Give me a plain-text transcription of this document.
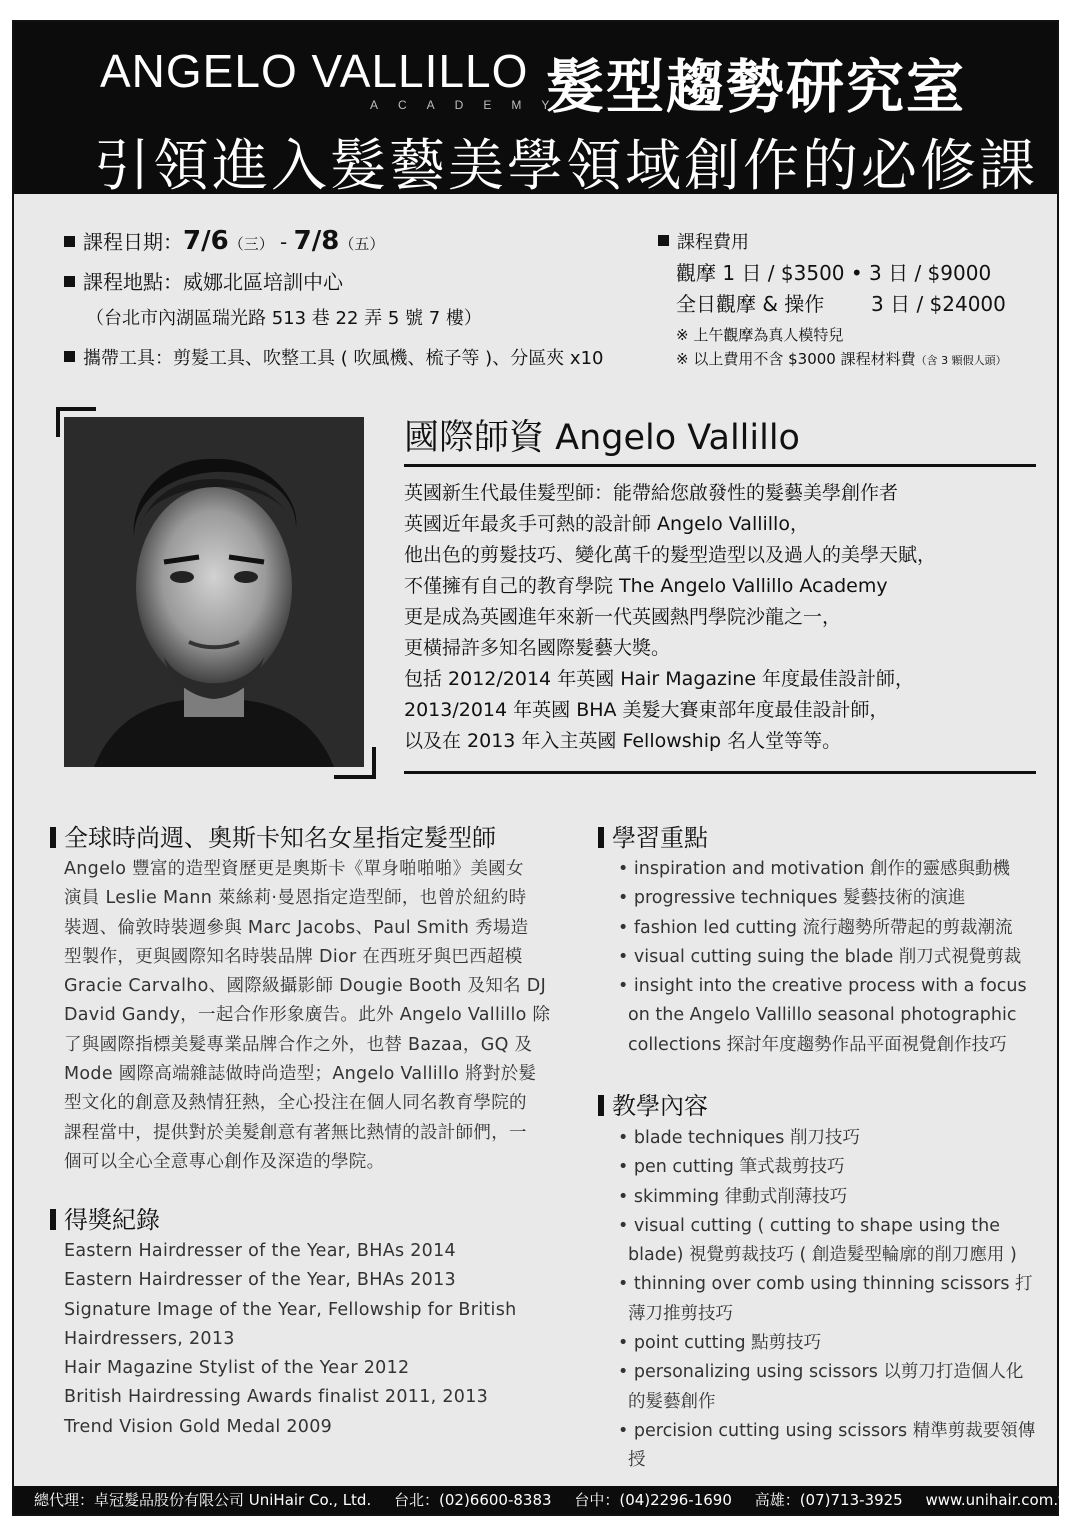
ANGELO VALLILLO
ACADEMY
髮型趨勢研究室
引領進入髮藝美學領域創作的必修課
課程日期：7/6（三） - 7/8（五）
課程地點：威娜北區培訓中心
（台北市內湖區瑞光路 513 巷 22 弄 5 號 7 樓）
攜帶工具：剪髮工具、吹整工具 ( 吹風機、梳子等 )、分區夾 x10
課程費用
觀摩 1 日 / $3500 • 3 日 / $9000
全日觀摩 & 操作 3 日 / $24000
※ 上午觀摩為真人模特兒
※ 以上費用不含 $3000 課程材料費（含 3 顆假人頭）
國際師資 Angelo Vallillo
英國新生代最佳髮型師：能帶給您啟發性的髮藝美學創作者
英國近年最炙手可熱的設計師 Angelo Vallillo，
他出色的剪髮技巧、變化萬千的髮型造型以及過人的美學天賦，
不僅擁有自己的教育學院 The Angelo Vallillo Academy
更是成為英國進年來新一代英國熱門學院沙龍之一，
更橫掃許多知名國際髮藝大獎。
包括 2012/2014 年英國 Hair Magazine 年度最佳設計師，
2013/2014 年英國 BHA 美髮大賽東部年度最佳設計師，
以及在 2013 年入主英國 Fellowship 名人堂等等。
全球時尚週、奧斯卡知名女星指定髮型師
Angelo 豐富的造型資歷更是奧斯卡《單身啪啪啪》美國女
演員 Leslie Mann 萊絲莉·曼恩指定造型師，也曾於紐約時
裝週、倫敦時裝週參與 Marc Jacobs、Paul Smith 秀場造
型製作，更與國際知名時裝品牌 Dior 在西班牙與巴西超模
Gracie Carvalho、國際級攝影師 Dougie Booth 及知名 DJ
David Gandy，一起合作形象廣告。此外 Angelo Vallillo 除
了與國際指標美髮專業品牌合作之外，也替 Bazaa，GQ 及
Mode 國際高端雜誌做時尚造型；Angelo Vallillo 將對於髮
型文化的創意及熱情狂熱，全心投注在個人同名教育學院的
課程當中，提供對於美髮創意有著無比熱情的設計師們，一
個可以全心全意專心創作及深造的學院。
得獎紀錄
Eastern Hairdresser of the Year, BHAs 2014
Eastern Hairdresser of the Year, BHAs 2013
Signature Image of the Year, Fellowship for British
Hairdressers, 2013
Hair Magazine Stylist of the Year 2012
British Hairdressing Awards finalist 2011, 2013
Trend Vision Gold Medal 2009
學習重點
• inspiration and motivation 創作的靈感與動機
• progressive techniques 髮藝技術的演進
• fashion led cutting 流行趨勢所帶起的剪裁潮流
• visual cutting suing the blade 削刀式視覺剪裁
• insight into the creative process with a focus on the Angelo Vallillo seasonal photographic collections 探討年度趨勢作品平面視覺創作技巧
教學內容
• blade techniques 削刀技巧
• pen cutting 筆式裁剪技巧
• skimming 律動式削薄技巧
• visual cutting ( cutting to shape using the blade) 視覺剪裁技巧 ( 創造髮型輪廓的削刀應用 )
• thinning over comb using thinning scissors 打薄刀推剪技巧
• point cutting 點剪技巧
• personalizing using scissors 以剪刀打造個人化的髮藝創作
• percision cutting using scissors 精準剪裁要領傳授
總代理：卓冠髮品股份有限公司 UniHair Co., Ltd. 台北：(02)6600-8383 台中：(04)2296-1690 高雄：(07)713-3925 www.unihair.com.tw
